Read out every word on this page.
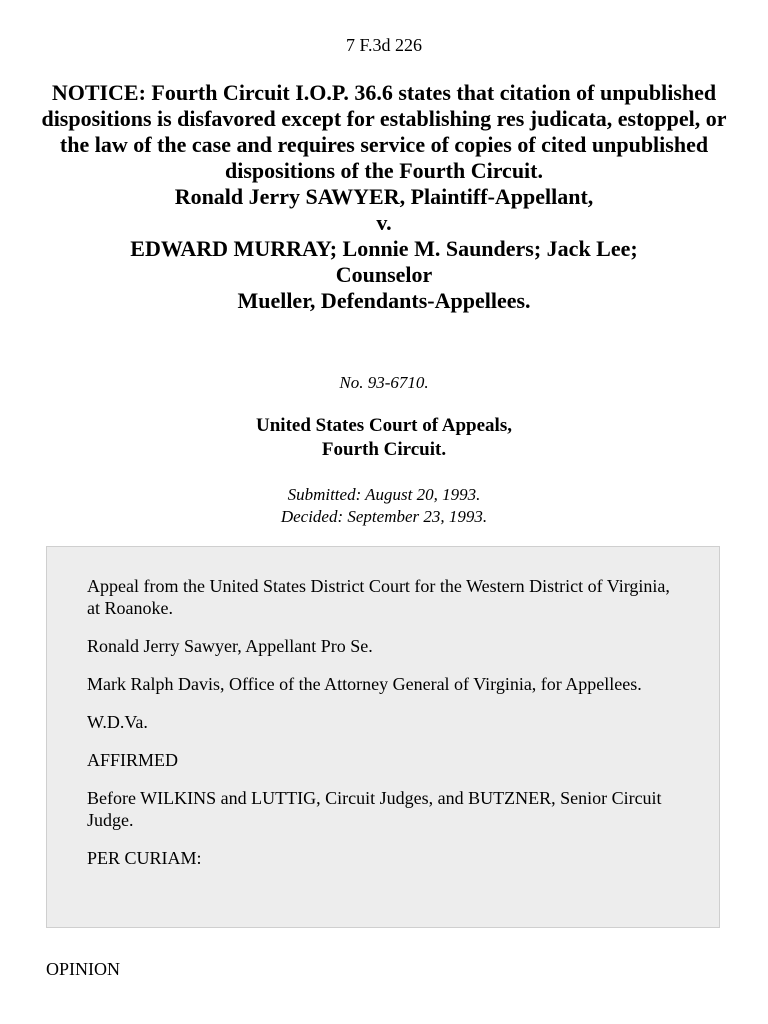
7 F.3d 226
NOTICE: Fourth Circuit I.O.P. 36.6 states that citation of unpublished dispositions is disfavored except for establishing res judicata, estoppel, or the law of the case and requires service of copies of cited unpublished dispositions of the Fourth Circuit.
Ronald Jerry SAWYER, Plaintiff-Appellant,
v.
EDWARD MURRAY; Lonnie M. Saunders; Jack Lee;
Counselor
Mueller, Defendants-Appellees.
No. 93-6710.
United States Court of Appeals,
Fourth Circuit.
Submitted: August 20, 1993.
Decided: September 23, 1993.

Appeal from the United States District Court for the Western District of Virginia, at Roanoke.

Ronald Jerry Sawyer, Appellant Pro Se.

Mark Ralph Davis, Office of the Attorney General of Virginia, for Appellees.

W.D.Va.

AFFIRMED

Before WILKINS and LUTTIG, Circuit Judges, and BUTZNER, Senior Circuit Judge.

PER CURIAM:

OPINION
